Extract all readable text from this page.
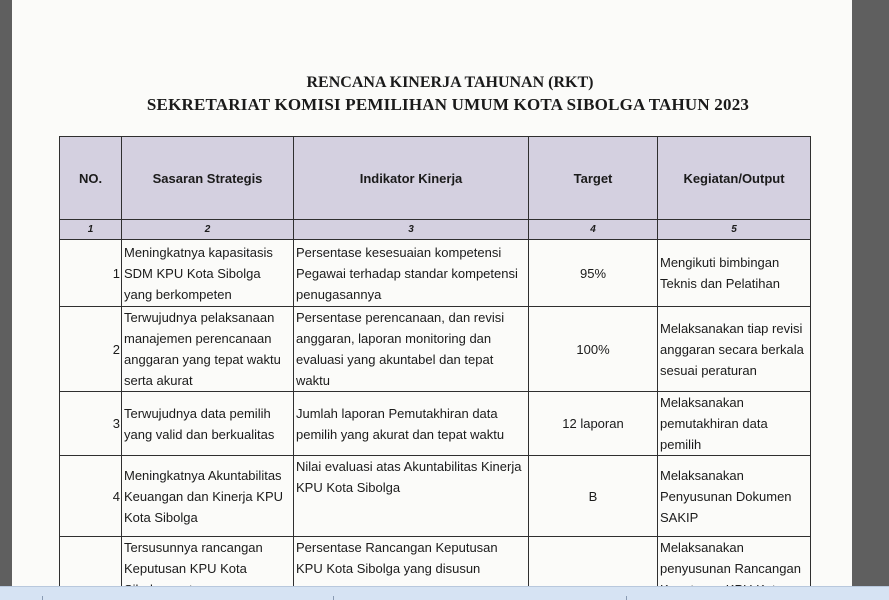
RENCANA KINERJA TAHUNAN (RKT)
SEKRETARIAT KOMISI PEMILIHAN UMUM KOTA SIBOLGA TAHUN 2023
NO.	Sasaran Strategis	Indikator Kinerja	Target	Kegiatan/Output
1	2	3	4	5
1	Meningkatnya kapasitasis SDM KPU Kota Sibolga yang berkompeten	Persentase kesesuaian kompetensi Pegawai terhadap standar kompetensi penugasannya	95%	Mengikuti bimbingan Teknis dan Pelatihan
2	Terwujudnya pelaksanaan manajemen perencanaan anggaran yang tepat waktu serta akurat	Persentase perencanaan, dan revisi anggaran, laporan monitoring dan evaluasi yang akuntabel dan tepat waktu	100%	Melaksanakan tiap revisi anggaran secara berkala sesuai peraturan
3	Terwujudnya data pemilih yang valid dan berkualitas	Jumlah laporan Pemutakhiran data pemilih yang akurat dan tepat waktu	12 laporan	Melaksanakan pemutakhiran data pemilih
4	Meningkatnya Akuntabilitas Keuangan dan Kinerja KPU Kota Sibolga	Nilai evaluasi atas Akuntabilitas Kinerja KPU Kota Sibolga	B	Melaksanakan Penyusunan Dokumen SAKIP
	Tersusunnya rancangan Keputusan KPU Kota	Persentase Rancangan Keputusan KPU Kota Sibolga yang disusun		Melaksanakan penyusunan Rancangan
